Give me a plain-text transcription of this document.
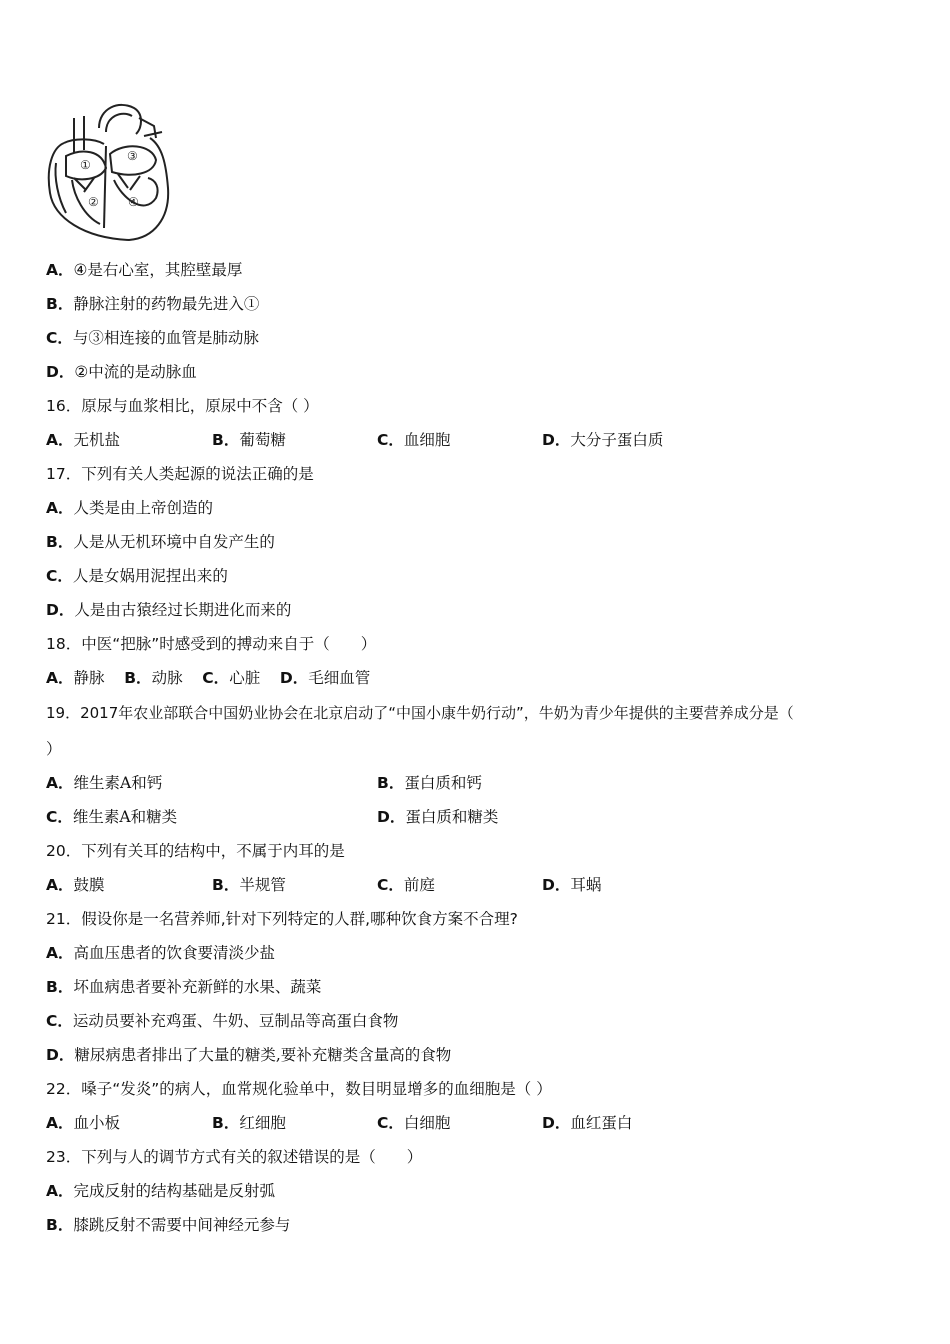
①
③
② ④
A．④是右心室，其腔壁最厚
B．静脉注射的药物最先进入①
C．与③相连接的血管是肺动脉
D．②中流的是动脉血
16．原尿与血浆相比，原尿中不含（ ）
A．无机盐	B．葡萄糖	C．血细胞	D．大分子蛋白质
17．下列有关人类起源的说法正确的是
A．人类是由上帝创造的
B．人是从无机环境中自发产生的
C．人是女娲用泥捏出来的
D．人是由古猿经过长期进化而来的
18．中医“把脉”时感受到的搏动来自于（　　）
A．静脉 B．动脉 C．心脏 D．毛细血管
19．2017年农业部联合中国奶业协会在北京启动了“中国小康牛奶行动”，牛奶为青少年提供的主要营养成分是（
）
A．维生素A和钙	B．蛋白质和钙
C．维生素A和糖类	D．蛋白质和糖类
20．下列有关耳的结构中，不属于内耳的是
A．鼓膜	B．半规管	C．前庭	D．耳蜗
21．假设你是一名营养师,针对下列特定的人群,哪种饮食方案不合理?
A．高血压患者的饮食要清淡少盐
B．坏血病患者要补充新鲜的水果、蔬菜
C．运动员要补充鸡蛋、牛奶、豆制品等高蛋白食物
D．糖尿病患者排出了大量的糖类,要补充糖类含量高的食物
22．嗓子“发炎”的病人，血常规化验单中，数目明显增多的血细胞是（ ）
A．血小板	B．红细胞	C．白细胞	D．血红蛋白
23．下列与人的调节方式有关的叙述错误的是（　　）
A．完成反射的结构基础是反射弧
B．膝跳反射不需要中间神经元参与
